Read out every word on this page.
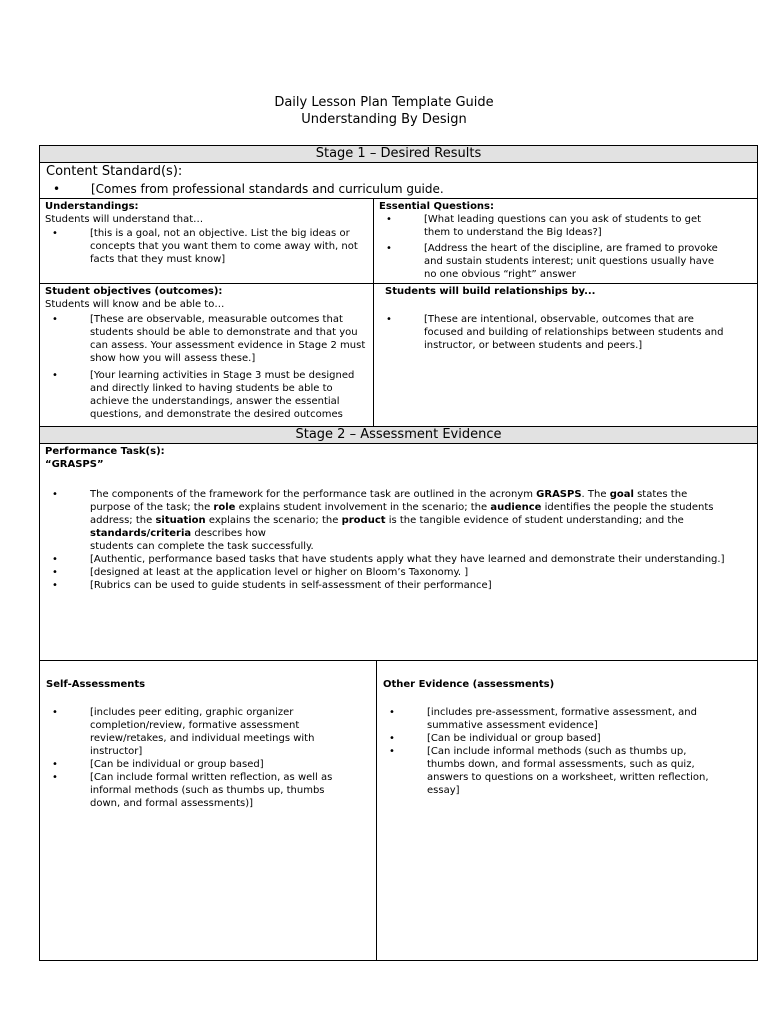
Daily Lesson Plan Template Guide
Understanding By Design
Stage 1 – Desired Results
Content Standard(s):
• [Comes from professional standards and curriculum guide.
Understandings:
Students will understand that…
• [this is a goal, not an objective. List the big ideas or concepts that you want them to come away with, not facts that they must know]
Essential Questions:
• [What leading questions can you ask of students to get them to understand the Big Ideas?]
• [Address the heart of the discipline, are framed to provoke and sustain students interest; unit questions usually have no one obvious “right” answer
Student objectives (outcomes):
Students will know and be able to…
• [These are observable, measurable outcomes that students should be able to demonstrate and that you can assess. Your assessment evidence in Stage 2 must show how you will assess these.]
• [Your learning activities in Stage 3 must be designed and directly linked to having students be able to achieve the understandings, answer the essential questions, and demonstrate the desired outcomes
Students will build relationships by...
• [These are intentional, observable, outcomes that are focused and building of relationships between students and instructor, or between students and peers.]
Stage 2 – Assessment Evidence
Performance Task(s):
“GRASPS”
• The components of the framework for the performance task are outlined in the acronym GRASPS. The goal states the purpose of the task; the role explains student involvement in the scenario; the audience identifies the people the students address; the situation explains the scenario; the product is the tangible evidence of student understanding; and the standards/criteria describes how
students can complete the task successfully.
• [Authentic, performance based tasks that have students apply what they have learned and demonstrate their understanding.]
• [designed at least at the application level or higher on Bloom’s Taxonomy. ]
• [Rubrics can be used to guide students in self-assessment of their performance]
Self-Assessments
• [includes peer editing, graphic organizer completion/review, formative assessment review/retakes, and individual meetings with instructor]
• [Can be individual or group based]
• [Can include formal written reflection, as well as informal methods (such as thumbs up, thumbs down, and formal assessments)]
Other Evidence (assessments)
• [includes pre-assessment, formative assessment, and summative assessment evidence]
• [Can be individual or group based]
• [Can include informal methods (such as thumbs up, thumbs down, and formal assessments, such as quiz, answers to questions on a worksheet, written reflection, essay]
